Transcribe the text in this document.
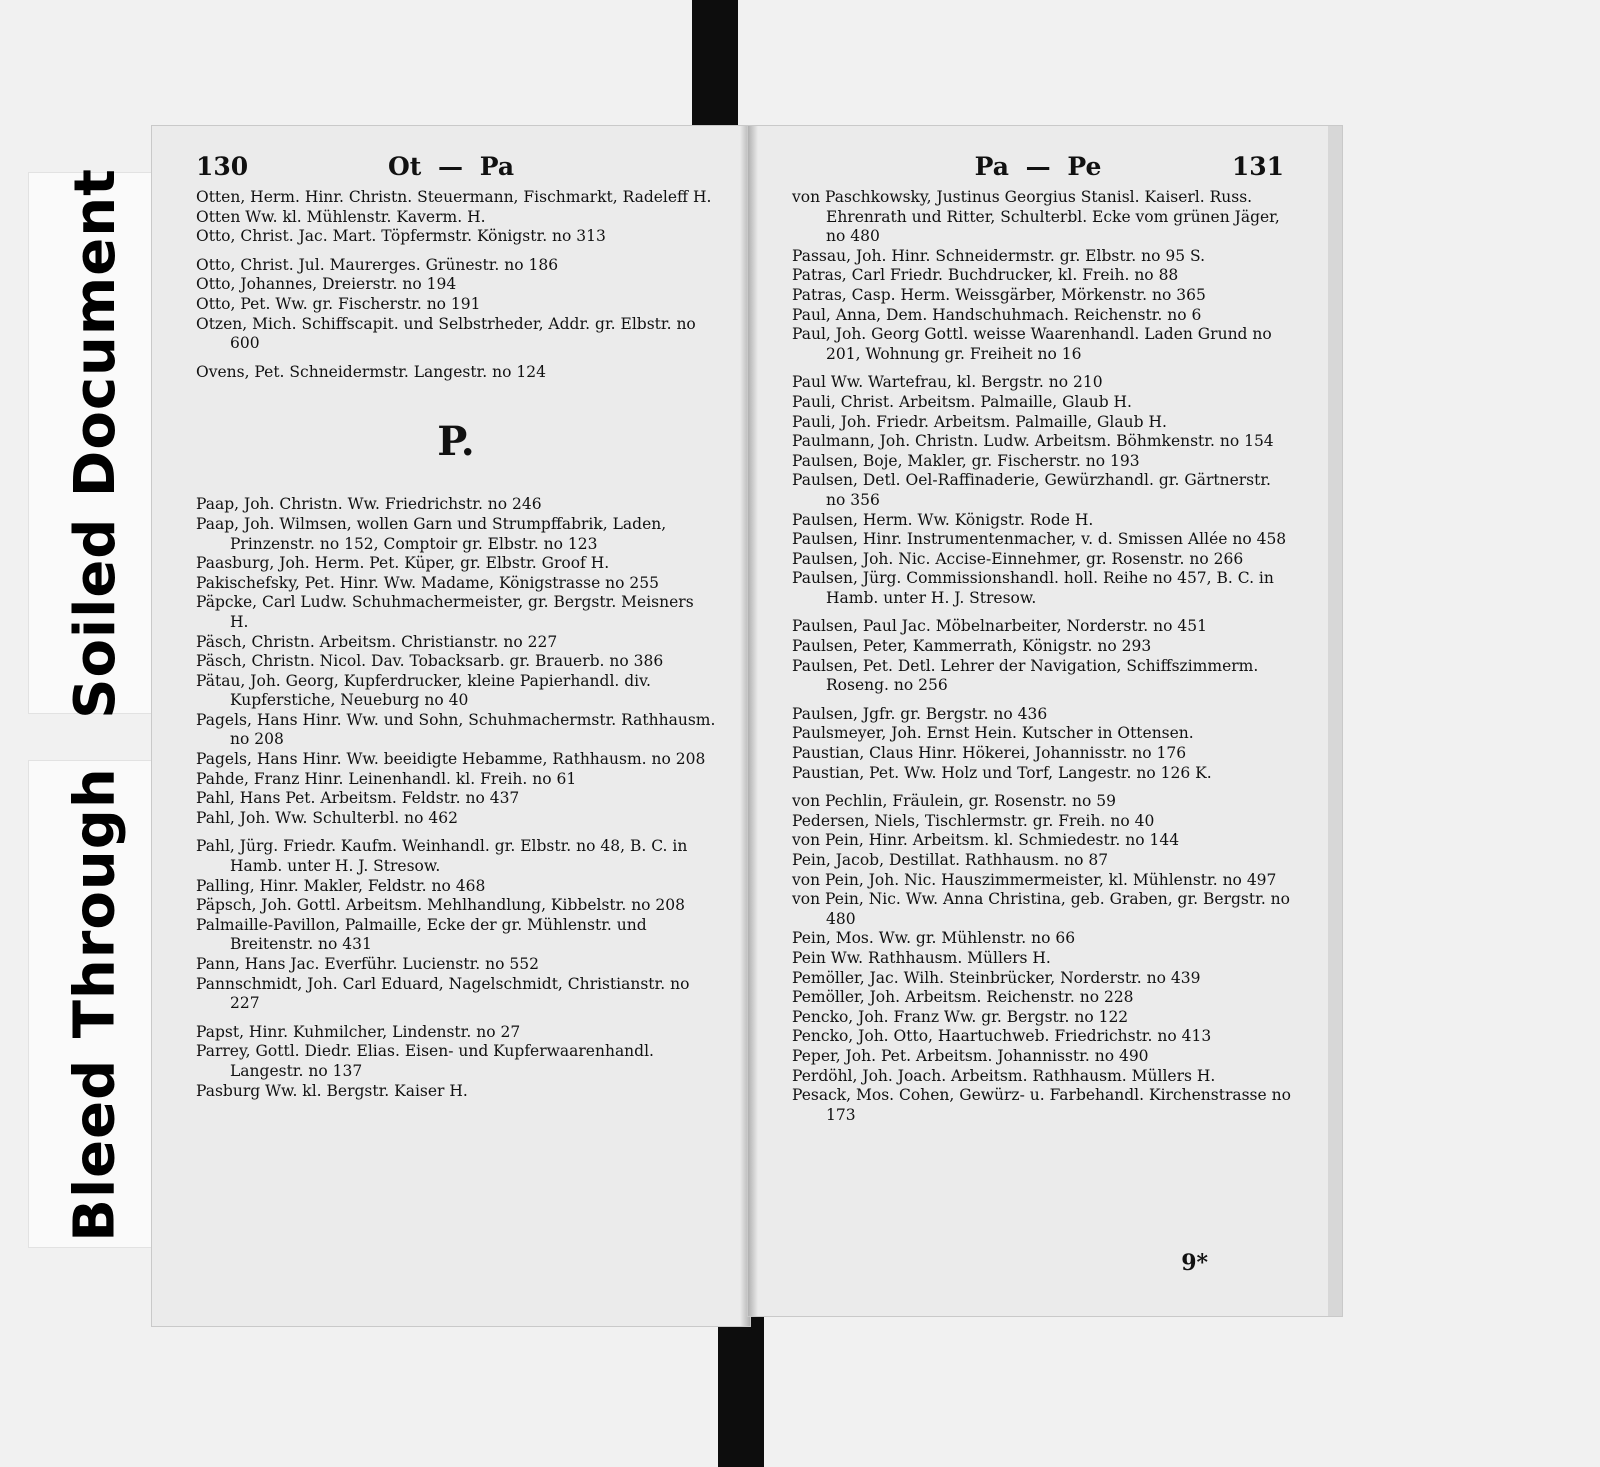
Soiled Document
Bleed Through
130	Ot — Pa

Otten, Herm. Hinr. Christn. Steuermann, Fischmarkt, Radeleff H.

Otten Ww. kl. Mühlenstr. Kaverm. H.

Otto, Christ. Jac. Mart. Töpfermstr. Königstr. no 313

Otto, Christ. Jul. Maurerges. Grünestr. no 186

Otto, Johannes, Dreierstr. no 194

Otto, Pet. Ww. gr. Fischerstr. no 191

Otzen, Mich. Schiffscapit. und Selbstrheder, Addr. gr. Elbstr. no 600

Ovens, Pet. Schneidermstr. Langestr. no 124

P.

Paap, Joh. Christn. Ww. Friedrichstr. no 246

Paap, Joh. Wilmsen, wollen Garn und Strumpffabrik, Laden, Prinzenstr. no 152, Comptoir gr. Elbstr. no 123

Paasburg, Joh. Herm. Pet. Küper, gr. Elbstr. Groof H.

Pakischefsky, Pet. Hinr. Ww. Madame, Königstrasse no 255

Päpcke, Carl Ludw. Schuhmachermeister, gr. Bergstr. Meisners H.

Päsch, Christn. Arbeitsm. Christianstr. no 227

Päsch, Christn. Nicol. Dav. Tobacksarb. gr. Brauerb. no 386

Pätau, Joh. Georg, Kupferdrucker, kleine Papierhandl. div. Kupferstiche, Neueburg no 40

Pagels, Hans Hinr. Ww. und Sohn, Schuhmachermstr. Rathhausm. no 208

Pagels, Hans Hinr. Ww. beeidigte Hebamme, Rathhausm. no 208

Pahde, Franz Hinr. Leinenhandl. kl. Freih. no 61

Pahl, Hans Pet. Arbeitsm. Feldstr. no 437

Pahl, Joh. Ww. Schulterbl. no 462

Pahl, Jürg. Friedr. Kaufm. Weinhandl. gr. Elbstr. no 48, B. C. in Hamb. unter H. J. Stresow.

Palling, Hinr. Makler, Feldstr. no 468

Päpsch, Joh. Gottl. Arbeitsm. Mehlhandlung, Kibbelstr. no 208

Palmaille-Pavillon, Palmaille, Ecke der gr. Mühlenstr. und Breitenstr. no 431

Pann, Hans Jac. Everführ. Lucienstr. no 552

Pannschmidt, Joh. Carl Eduard, Nagelschmidt, Christianstr. no 227

Papst, Hinr. Kuhmilcher, Lindenstr. no 27

Parrey, Gottl. Diedr. Elias. Eisen- und Kupferwaarenhandl. Langestr. no 137

Pasburg Ww. kl. Bergstr. Kaiser H.

Pa — Pe	131

von Paschkowsky, Justinus Georgius Stanisl. Kaiserl. Russ. Ehrenrath und Ritter, Schulterbl. Ecke vom grünen Jäger, no 480

Passau, Joh. Hinr. Schneidermstr. gr. Elbstr. no 95 S.

Patras, Carl Friedr. Buchdrucker, kl. Freih. no 88

Patras, Casp. Herm. Weissgärber, Mörkenstr. no 365

Paul, Anna, Dem. Handschuhmach. Reichenstr. no 6

Paul, Joh. Georg Gottl. weisse Waarenhandl. Laden Grund no 201, Wohnung gr. Freiheit no 16

Paul Ww. Wartefrau, kl. Bergstr. no 210

Pauli, Christ. Arbeitsm. Palmaille, Glaub H.

Pauli, Joh. Friedr. Arbeitsm. Palmaille, Glaub H.

Paulmann, Joh. Christn. Ludw. Arbeitsm. Böhmkenstr. no 154

Paulsen, Boje, Makler, gr. Fischerstr. no 193

Paulsen, Detl. Oel-Raffinaderie, Gewürzhandl. gr. Gärtnerstr. no 356

Paulsen, Herm. Ww. Königstr. Rode H.

Paulsen, Hinr. Instrumentenmacher, v. d. Smissen Allée no 458

Paulsen, Joh. Nic. Accise-Einnehmer, gr. Rosenstr. no 266

Paulsen, Jürg. Commissionshandl. holl. Reihe no 457, B. C. in Hamb. unter H. J. Stresow.

Paulsen, Paul Jac. Möbelnarbeiter, Norderstr. no 451

Paulsen, Peter, Kammerrath, Königstr. no 293

Paulsen, Pet. Detl. Lehrer der Navigation, Schiffszimmerm. Roseng. no 256

Paulsen, Jgfr. gr. Bergstr. no 436

Paulsmeyer, Joh. Ernst Hein. Kutscher in Ottensen.

Paustian, Claus Hinr. Hökerei, Johannisstr. no 176

Paustian, Pet. Ww. Holz und Torf, Langestr. no 126 K.

von Pechlin, Fräulein, gr. Rosenstr. no 59

Pedersen, Niels, Tischlermstr. gr. Freih. no 40

von Pein, Hinr. Arbeitsm. kl. Schmiedestr. no 144

Pein, Jacob, Destillat. Rathhausm. no 87

von Pein, Joh. Nic. Hauszimmermeister, kl. Mühlenstr. no 497

von Pein, Nic. Ww. Anna Christina, geb. Graben, gr. Bergstr. no 480

Pein, Mos. Ww. gr. Mühlenstr. no 66

Pein Ww. Rathhausm. Müllers H.

Pemöller, Jac. Wilh. Steinbrücker, Norderstr. no 439

Pemöller, Joh. Arbeitsm. Reichenstr. no 228

Pencko, Joh. Franz Ww. gr. Bergstr. no 122

Pencko, Joh. Otto, Haartuchweb. Friedrichstr. no 413

Peper, Joh. Pet. Arbeitsm. Johannisstr. no 490

Perdöhl, Joh. Joach. Arbeitsm. Rathhausm. Müllers H.

Pesack, Mos. Cohen, Gewürz- u. Farbehandl. Kirchenstrasse no 173

9*
